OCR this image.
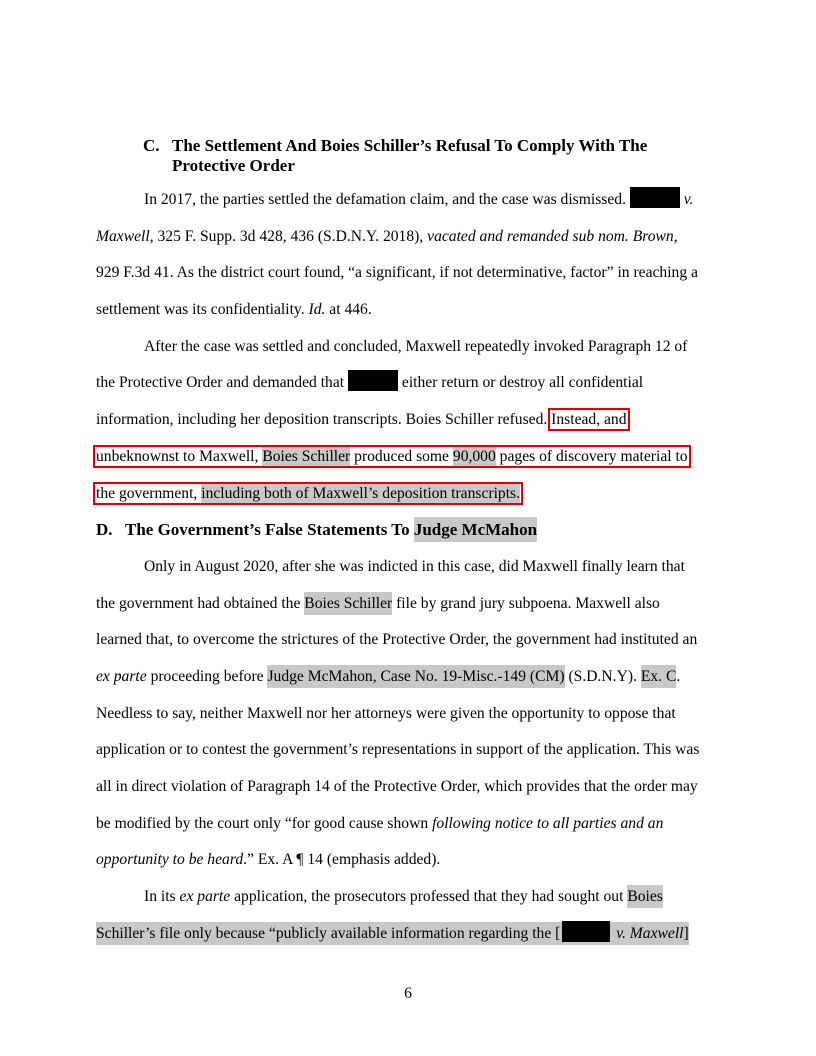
C. The Settlement And Boies Schiller’s Refusal To Comply With The
Protective Order
In 2017, the parties settled the defamation claim, and the case was dismissed.	v.
Maxwell, 325 F. Supp. 3d 428, 436 (S.D.N.Y. 2018), vacated and remanded sub nom. Brown,
929 F.3d 41. As the district court found, “a significant, if not determinative, factor” in reaching a
settlement was its confidentiality. Id. at 446.
After the case was settled and concluded, Maxwell repeatedly invoked Paragraph 12 of
the Protective Order and demanded that	either return or destroy all confidential
information, including her deposition transcripts. Boies Schiller refused. Instead, and
unbeknownst to Maxwell, Boies Schiller produced some 90,000 pages of discovery material to
the government, including both of Maxwell’s deposition transcripts.
D. The Government’s False Statements To Judge McMahon
Only in August 2020, after she was indicted in this case, did Maxwell finally learn that
the government had obtained the Boies Schiller file by grand jury subpoena. Maxwell also
learned that, to overcome the strictures of the Protective Order, the government had instituted an
ex parte proceeding before Judge McMahon, Case No. 19-Misc.-149 (CM) (S.D.N.Y). Ex. C.
Needless to say, neither Maxwell nor her attorneys were given the opportunity to oppose that
application or to contest the government’s representations in support of the application. This was
all in direct violation of Paragraph 14 of the Protective Order, which provides that the order may
be modified by the court only “for good cause shown following notice to all parties and an
opportunity to be heard.” Ex. A ¶ 14 (emphasis added).
In its ex parte application, the prosecutors professed that they had sought out Boies
Schiller’s file only because “publicly available information regarding the [	v. Maxwell]
6
